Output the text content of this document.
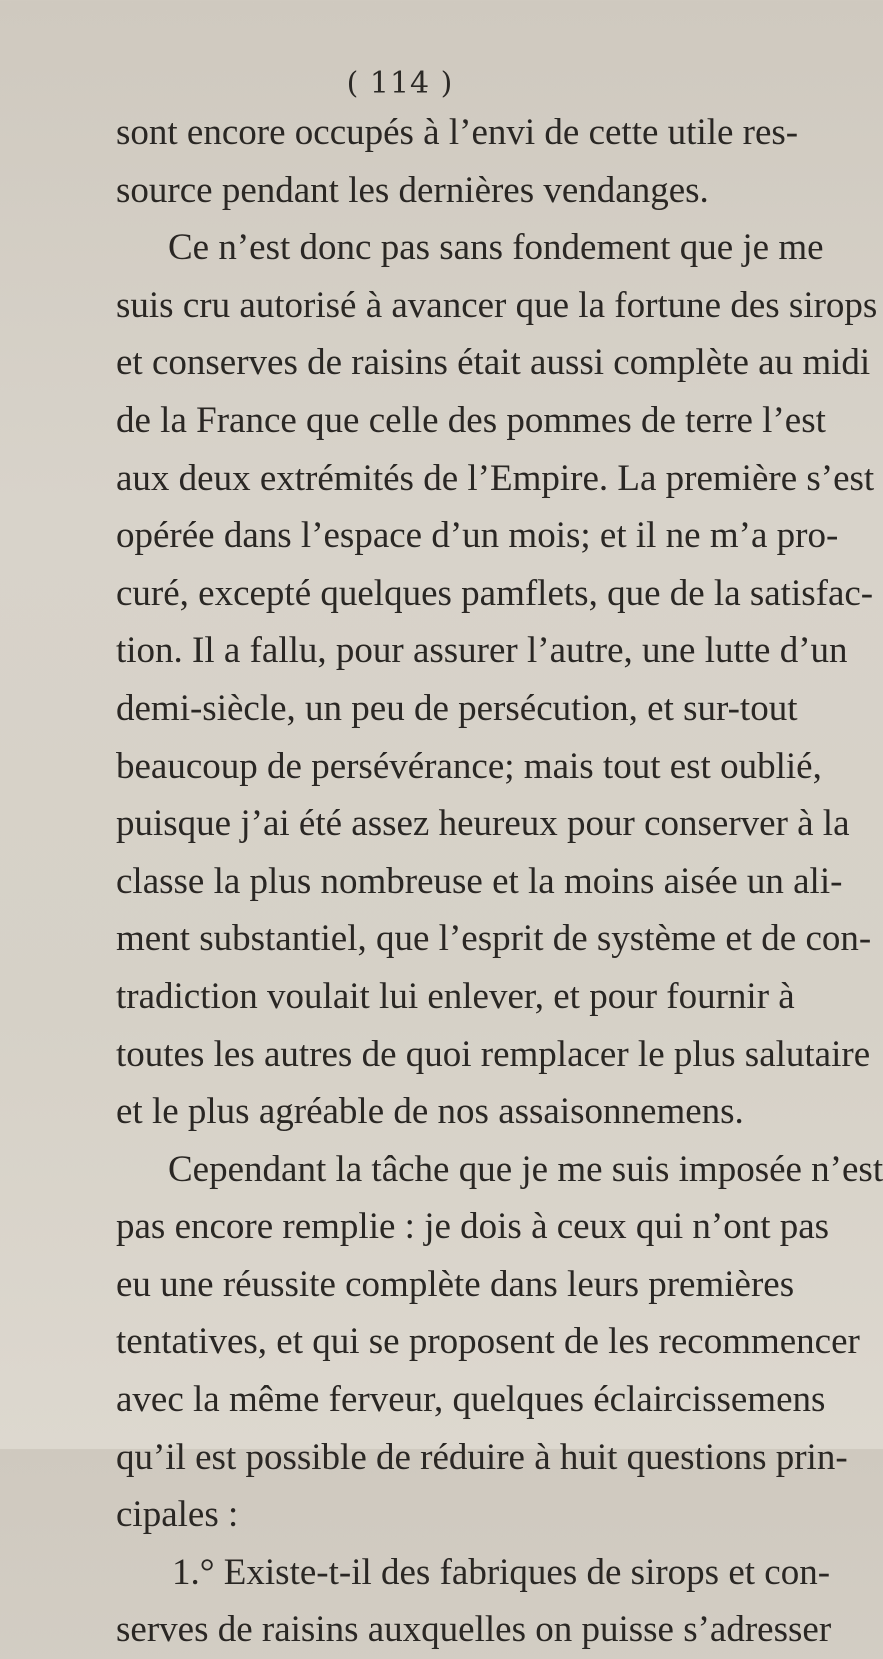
( 114 )
sont encore occupés à l’envi de cette utile res-
source pendant les dernières vendanges.
Ce n’est donc pas sans fondement que je me
suis cru autorisé à avancer que la fortune des sirops
et conserves de raisins était aussi complète au midi
de la France que celle des pommes de terre l’est
aux deux extrémités de l’Empire. La première s’est
opérée dans l’espace d’un mois; et il ne m’a pro-
curé, excepté quelques pamflets, que de la satisfac-
tion. Il a fallu, pour assurer l’autre, une lutte d’un
demi-siècle, un peu de persécution, et sur-tout
beaucoup de persévérance; mais tout est oublié,
puisque j’ai été assez heureux pour conserver à la
classe la plus nombreuse et la moins aisée un ali-
ment substantiel, que l’esprit de système et de con-
tradiction voulait lui enlever, et pour fournir à
toutes les autres de quoi remplacer le plus salutaire
et le plus agréable de nos assaisonnemens.
Cependant la tâche que je me suis imposée n’est
pas encore remplie : je dois à ceux qui n’ont pas
eu une réussite complète dans leurs premières
tentatives, et qui se proposent de les recommencer
avec la même ferveur, quelques éclaircissemens
qu’il est possible de réduire à huit questions prin-
cipales :
1.° Existe-t-il des fabriques de sirops et con-
serves de raisins auxquelles on puisse s’adresser
